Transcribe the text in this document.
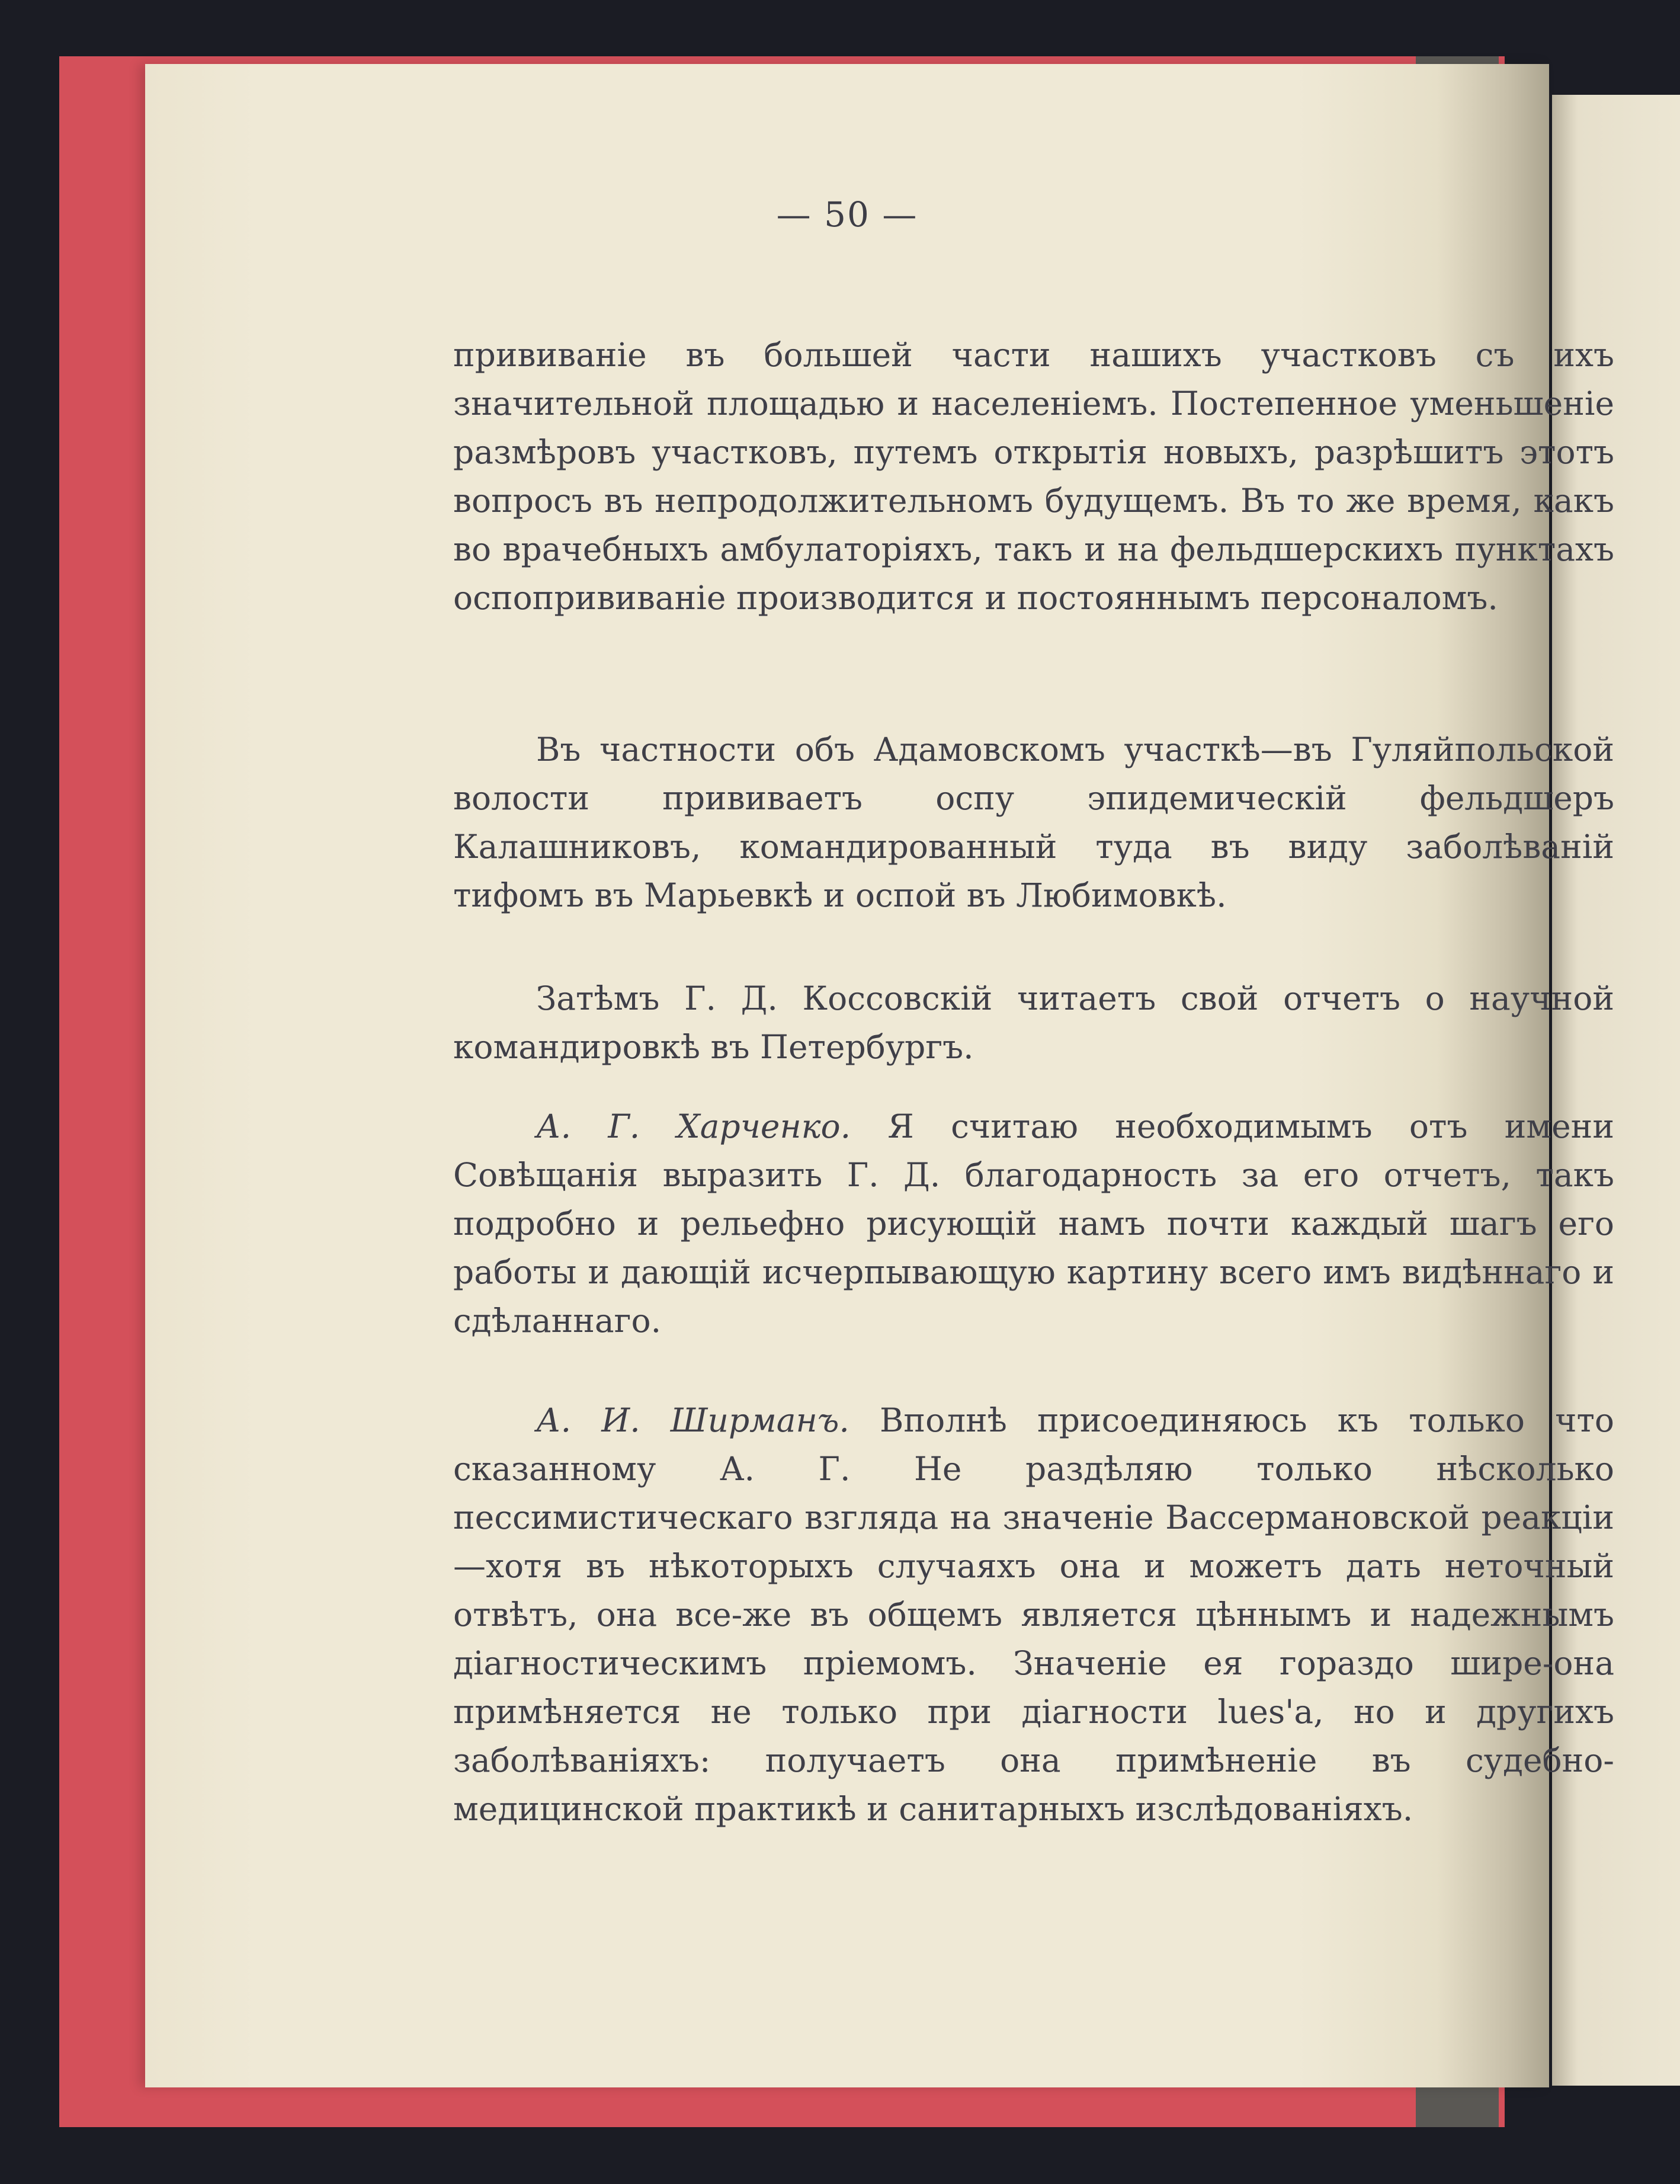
— 50 —

прививаніе въ большей части нашихъ участковъ съ ихъ значительной площадью и населеніемъ. Постепенное уменьшеніе размѣровъ участковъ, путемъ открытія новыхъ, разрѣшитъ этотъ вопросъ въ непродолжительномъ будущемъ. Въ то же время, какъ во врачебныхъ амбулаторіяхъ, такъ и на фельдшерскихъ пунктахъ оспопрививаніе производится и постояннымъ персоналомъ.

Въ частности объ Адамовскомъ участкѣ—въ Гуляйпольской волости прививаетъ оспу эпидемическій фельдшеръ Калашниковъ, командированный туда въ виду заболѣваній тифомъ въ Марьевкѣ и оспой въ Любимовкѣ.

Затѣмъ Г. Д. Коссовскій читаетъ свой отчетъ о научной командировкѣ въ Петербургъ.

А. Г. Харченко. Я считаю необходимымъ отъ имени Совѣщанія выразить Г. Д. благодарность за его отчетъ, такъ подробно и рельефно рисующій намъ почти каждый шагъ его работы и дающій исчерпывающую картину всего имъ видѣннаго и сдѣланнаго.

А. И. Ширманъ. Вполнѣ присоединяюсь къ только что сказанному А. Г. Не раздѣляю только нѣсколько пессимистическаго взгляда на значеніе Вассермановской реакціи—хотя въ нѣкоторыхъ случаяхъ она и можетъ дать неточный отвѣтъ, она все-же въ общемъ является цѣннымъ и надежнымъ діагностическимъ пріемомъ. Значеніе ея гораздо шире-она примѣняется не только при діагности lues'a, но и другихъ заболѣваніяхъ: получаетъ она примѣненіе въ судебно-медицинской практикѣ и санитарныхъ изслѣдованіяхъ.
